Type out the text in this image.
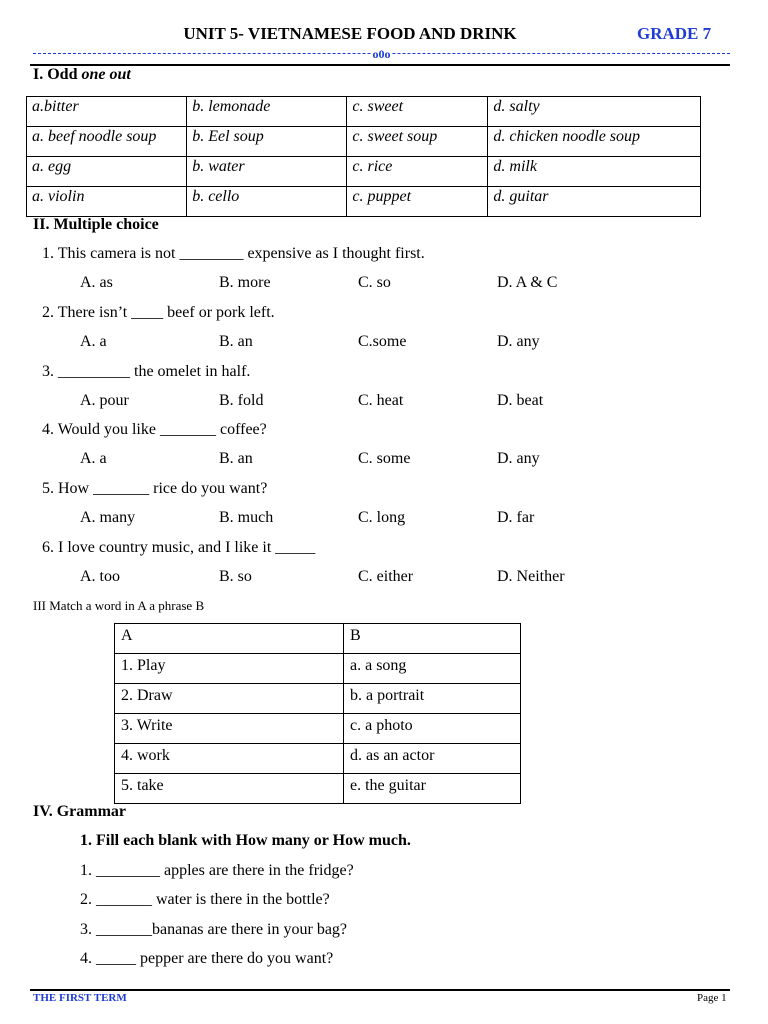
UNIT 5- VIETNAMESE FOOD AND DRINK	GRADE 7
o0o
I. Odd one out
a.bitter	b. lemonade	c. sweet	d. salty
a. beef noodle soup	b. Eel soup	c. sweet soup	d. chicken noodle soup
a. egg	b. water	c. rice	d. milk
a. violin	b. cello	c. puppet	d. guitar
II. Multiple choice
1. This camera is not ________ expensive as I thought first.
A. as	B. more	C. so	D. A & C
2. There isn’t ____ beef or pork left.
A. a	B. an	C.some	D. any
3. _________ the omelet in half.
A. pour	B. fold	C. heat	D. beat
4. Would you like _______ coffee?
A. a	B. an	C. some	D. any
5. How _______ rice do you want?
A. many	B. much	C. long	D. far
6. I love country music, and I like it _____
A. too	B. so	C. either	D. Neither
III Match a word in A a phrase B
A	B
1. Play	a. a song
2. Draw	b. a portrait
3. Write	c. a photo
4. work	d. as an actor
5. take	e. the guitar
IV. Grammar
1. Fill each blank with How many or How much.
1. ________ apples are there in the fridge?
2. _______ water is there in the bottle?
3. _______bananas are there in your bag?
4. _____ pepper are there do you want?
THE FIRST TERM	Page 1
